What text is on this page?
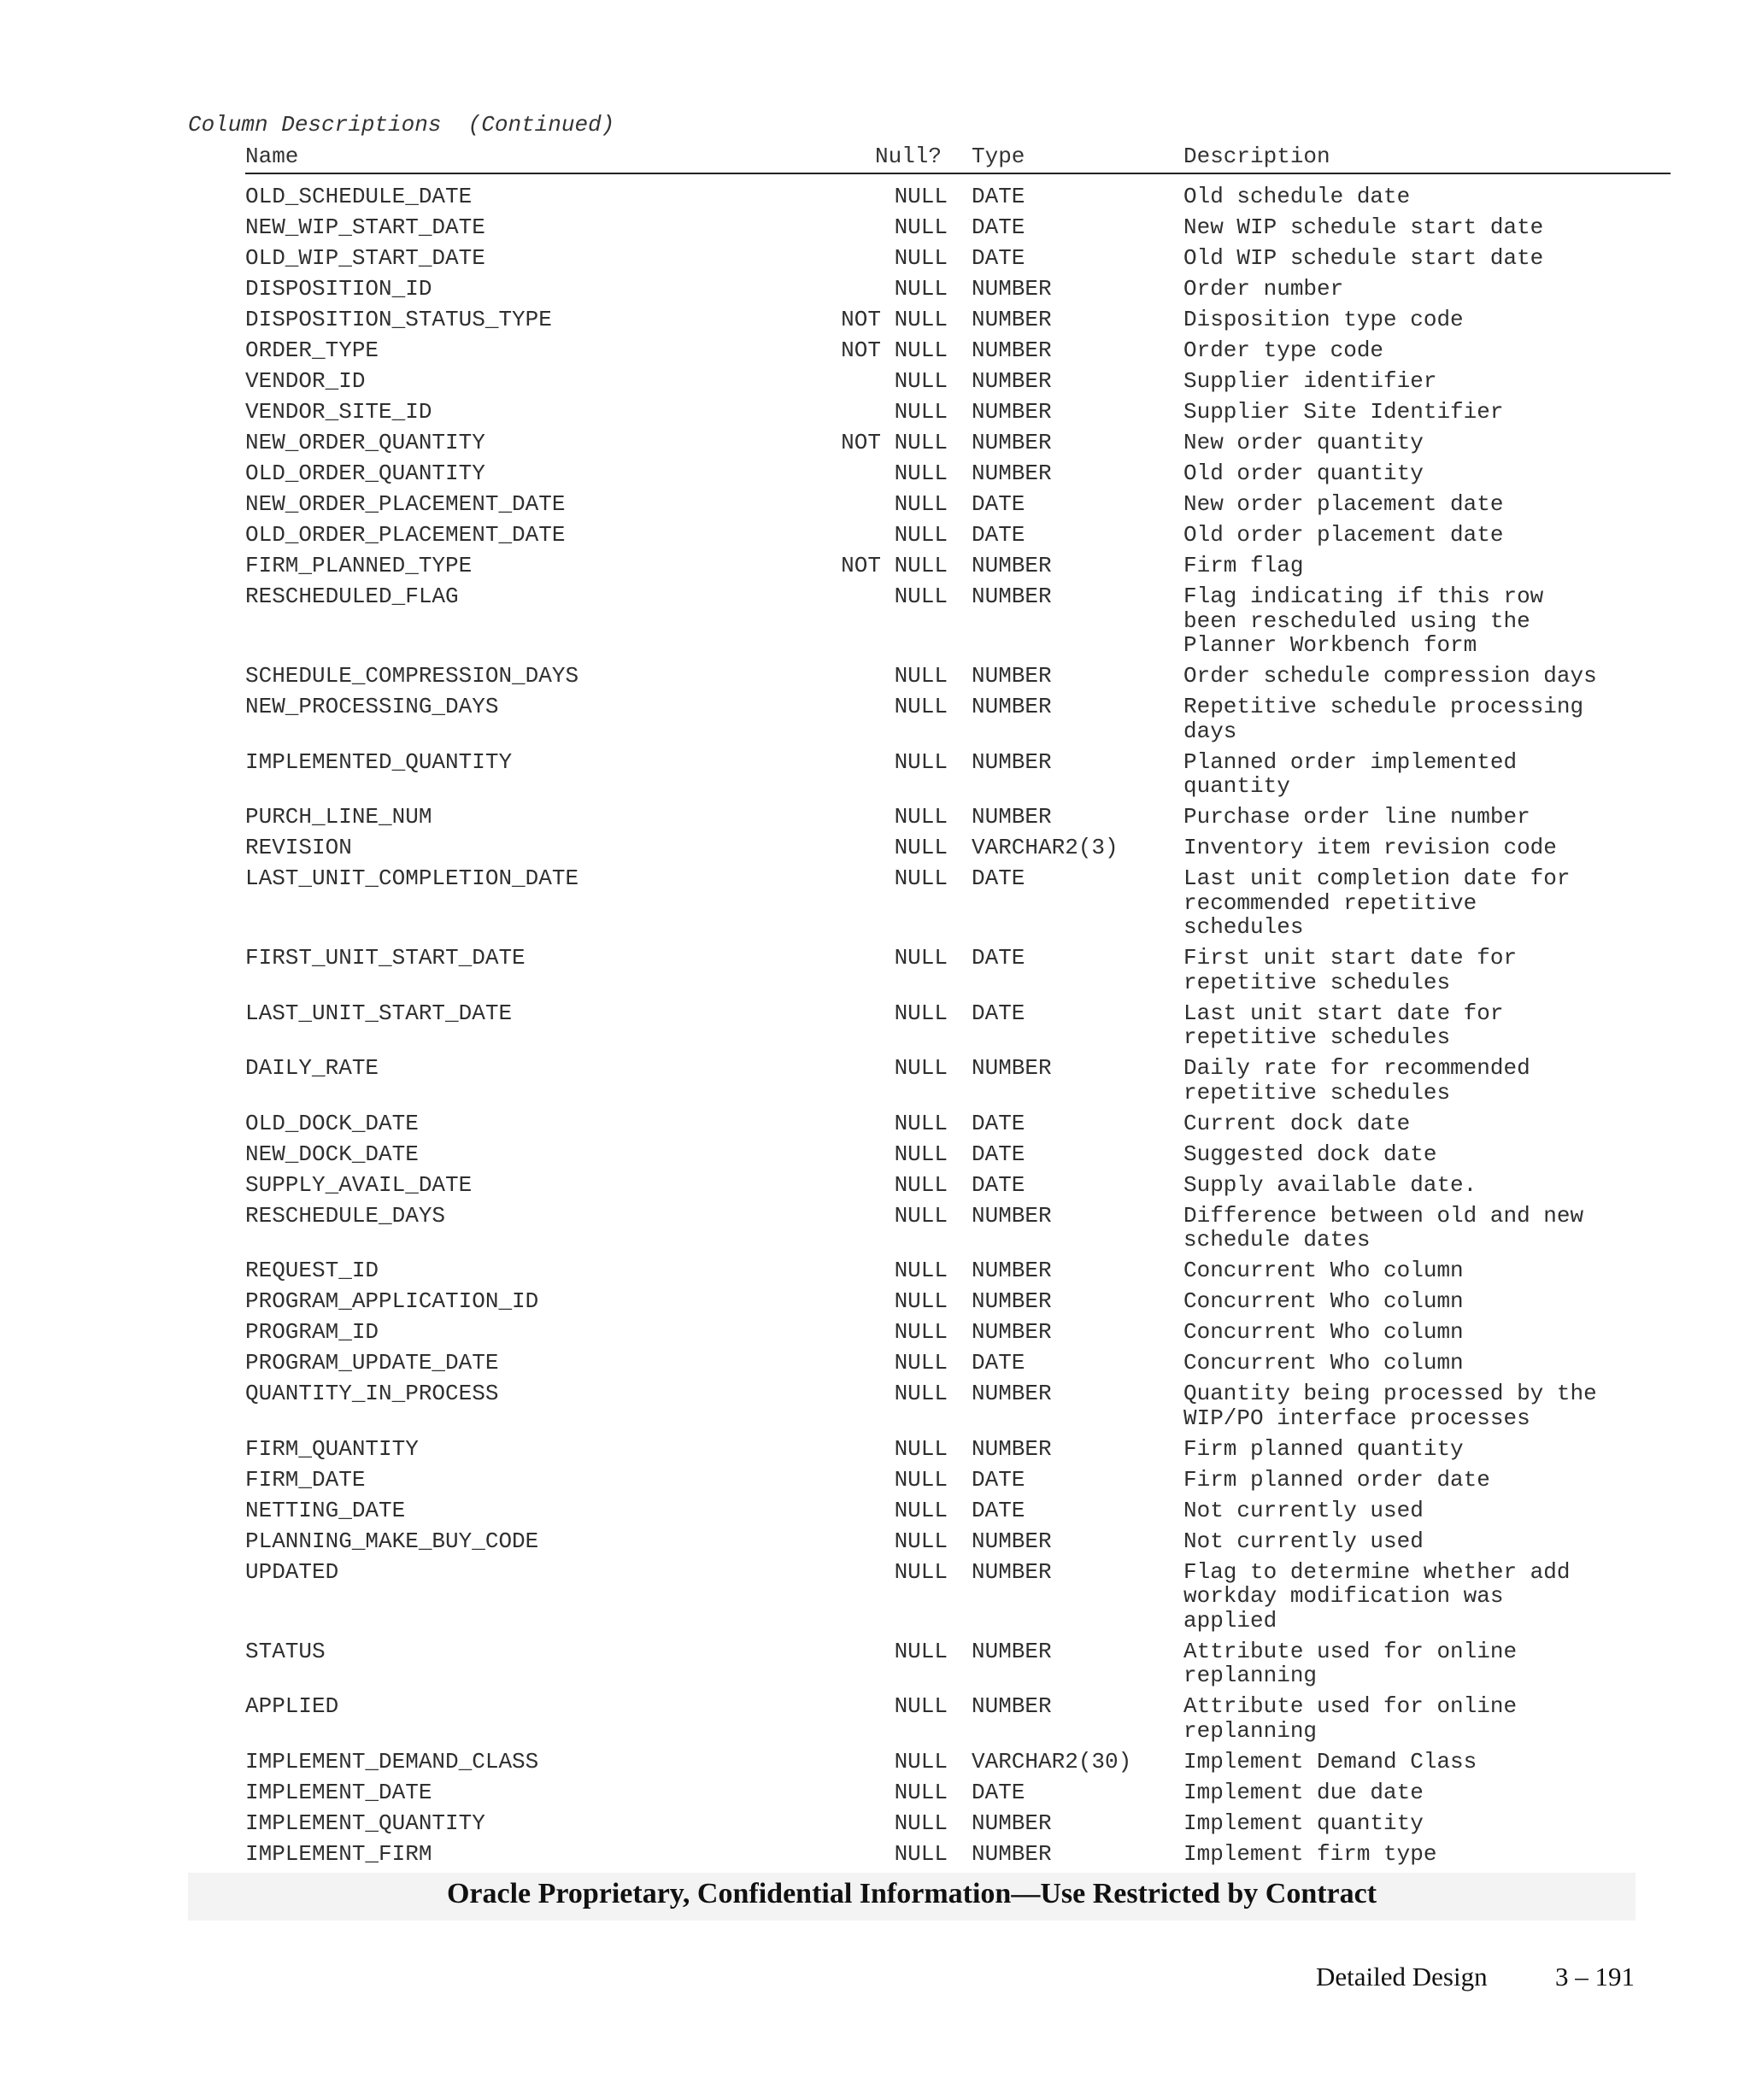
Column Descriptions  (Continued)
Name	Null? Type	Description
OLD_SCHEDULE_DATE	NULL DATE	Old schedule date
NEW_WIP_START_DATE	NULL DATE	New WIP schedule start date
OLD_WIP_START_DATE	NULL DATE	Old WIP schedule start date
DISPOSITION_ID	NULL NUMBER	Order number
DISPOSITION_STATUS_TYPE	NOT NULL NUMBER	Disposition type code
ORDER_TYPE	NOT NULL NUMBER	Order type code
VENDOR_ID	NULL NUMBER	Supplier identifier
VENDOR_SITE_ID	NULL NUMBER	Supplier Site Identifier
NEW_ORDER_QUANTITY	NOT NULL NUMBER	New order quantity
OLD_ORDER_QUANTITY	NULL NUMBER	Old order quantity
NEW_ORDER_PLACEMENT_DATE	NULL DATE	New order placement date
OLD_ORDER_PLACEMENT_DATE	NULL DATE	Old order placement date
FIRM_PLANNED_TYPE	NOT NULL NUMBER	Firm flag
RESCHEDULED_FLAG	NULL NUMBER	Flag indicating if this row
been rescheduled using the
Planner Workbench form
SCHEDULE_COMPRESSION_DAYS	NULL NUMBER	Order schedule compression days
NEW_PROCESSING_DAYS	NULL NUMBER	Repetitive schedule processing
days
IMPLEMENTED_QUANTITY	NULL NUMBER	Planned order implemented
quantity
PURCH_LINE_NUM	NULL NUMBER	Purchase order line number
REVISION	NULL VARCHAR2(3)	Inventory item revision code
LAST_UNIT_COMPLETION_DATE	NULL DATE	Last unit completion date for
recommended repetitive
schedules
FIRST_UNIT_START_DATE	NULL DATE	First unit start date for
repetitive schedules
LAST_UNIT_START_DATE	NULL DATE	Last unit start date for
repetitive schedules
DAILY_RATE	NULL NUMBER	Daily rate for recommended
repetitive schedules
OLD_DOCK_DATE	NULL DATE	Current dock date
NEW_DOCK_DATE	NULL DATE	Suggested dock date
SUPPLY_AVAIL_DATE	NULL DATE	Supply available date.
RESCHEDULE_DAYS	NULL NUMBER	Difference between old and new
schedule dates
REQUEST_ID	NULL NUMBER	Concurrent Who column
PROGRAM_APPLICATION_ID	NULL NUMBER	Concurrent Who column
PROGRAM_ID	NULL NUMBER	Concurrent Who column
PROGRAM_UPDATE_DATE	NULL DATE	Concurrent Who column
QUANTITY_IN_PROCESS	NULL NUMBER	Quantity being processed by the
WIP/PO interface processes
FIRM_QUANTITY	NULL NUMBER	Firm planned quantity
FIRM_DATE	NULL DATE	Firm planned order date
NETTING_DATE	NULL DATE	Not currently used
PLANNING_MAKE_BUY_CODE	NULL NUMBER	Not currently used
UPDATED	NULL NUMBER	Flag to determine whether add
workday modification was
applied
STATUS	NULL NUMBER	Attribute used for online
replanning
APPLIED	NULL NUMBER	Attribute used for online
replanning
IMPLEMENT_DEMAND_CLASS	NULL VARCHAR2(30) Implement Demand Class
IMPLEMENT_DATE	NULL DATE	Implement due date
IMPLEMENT_QUANTITY	NULL NUMBER	Implement quantity
IMPLEMENT_FIRM	NULL NUMBER	Implement firm type
Oracle Proprietary, Confidential Information––Use Restricted by Contract
Detailed Design	3 – 191
